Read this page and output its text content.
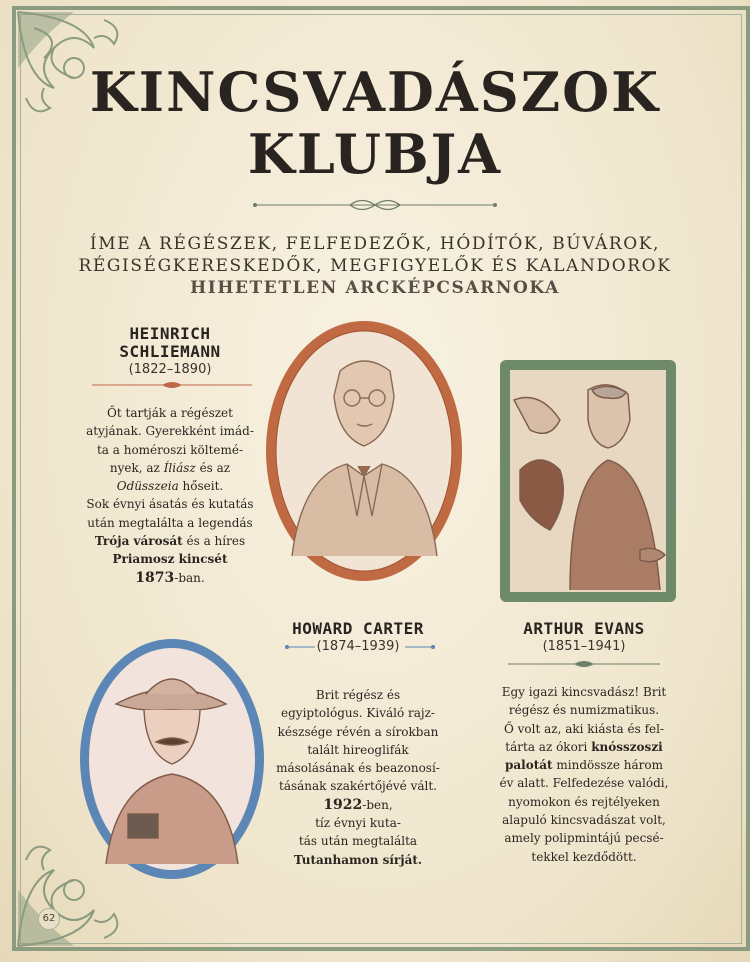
KINCSVADÁSZOK
KLUBJA
ÍME A RÉGÉSZEK, FELFEDEZŐK, HÓDÍTÓK, BÚVÁROK,
RÉGISÉGKERESKEDŐK, MEGFIGYELŐK ÉS KALANDOROK
HIHETETLEN ARCKÉPCSARNOKA
HEINRICH
SCHLIEMANN
(1822–1890)
Őt tartják a régészet
atyjának. Gyerekként imád-
ta a homéroszi költemé-
nyek, az Íliász és az
Odüsszeia hőseit.
Sok évnyi ásatás és kutatás
után megtalálta a legendás
Trója városát és a híres
Priamosz kincsét
1873-ban.
HOWARD CARTER
(1874–1939)
Brit régész és
egyiptológus. Kiváló rajz-
készsége révén a sírokban
talált hireoglifák
másolásának és beazonosí-
tásának szakértőjévé vált.
1922-ben,
tíz évnyi kuta-
tás után megtalálta
Tutanhamon sírját.
ARTHUR EVANS
(1851–1941)
Egy igazi kincsvadász! Brit
régész és numizmatikus.
Ő volt az, aki kiásta és fel-
tárta az ókori knósszoszi
palotát mindössze három
év alatt. Felfedezése valódi,
nyomokon és rejtélyeken
alapuló kincsvadászat volt,
amely polipmintájú pecsé-
tekkel kezdődött.
62
